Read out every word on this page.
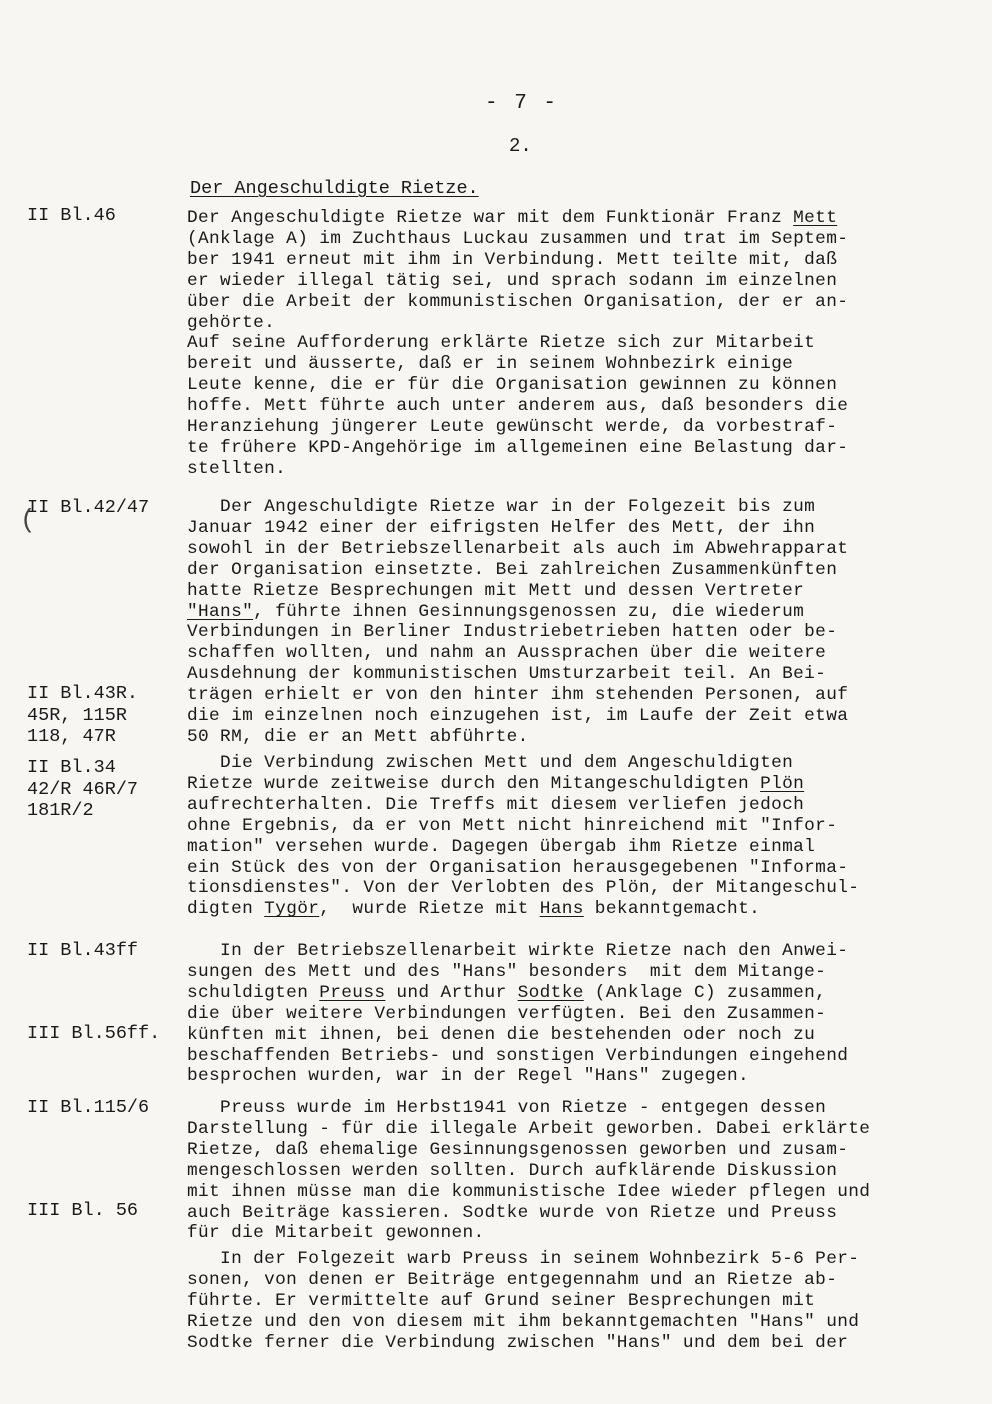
- 7 -
2.
Der Angeschuldigte Rietze.
II Bl.46
(
II Bl.42/47
II Bl.43R.
45R, 115R
118, 47R
II Bl.34
42/R 46R/7
181R/2
II Bl.43ff
III Bl.56ff.
II Bl.115/6
III Bl. 56
Der Angeschuldigte Rietze war mit dem Funktionär Franz Mett
(Anklage A) im Zuchthaus Luckau zusammen und trat im Septem-
ber 1941 erneut mit ihm in Verbindung. Mett teilte mit, daß
er wieder illegal tätig sei, und sprach sodann im einzelnen
über die Arbeit der kommunistischen Organisation, der er an-
gehörte.
Auf seine Aufforderung erklärte Rietze sich zur Mitarbeit
bereit und äusserte, daß er in seinem Wohnbezirk einige
Leute kenne, die er für die Organisation gewinnen zu können
hoffe. Mett führte auch unter anderem aus, daß besonders die
Heranziehung jüngerer Leute gewünscht werde, da vorbestraf-
te frühere KPD-Angehörige im allgemeinen eine Belastung dar-
stellten.
Der Angeschuldigte Rietze war in der Folgezeit bis zum
Januar 1942 einer der eifrigsten Helfer des Mett, der ihn
sowohl in der Betriebszellenarbeit als auch im Abwehrapparat
der Organisation einsetzte. Bei zahlreichen Zusammenkünften
hatte Rietze Besprechungen mit Mett und dessen Vertreter
"Hans", führte ihnen Gesinnungsgenossen zu, die wiederum
Verbindungen in Berliner Industriebetrieben hatten oder be-
schaffen wollten, und nahm an Aussprachen über die weitere
Ausdehnung der kommunistischen Umsturzarbeit teil. An Bei-
trägen erhielt er von den hinter ihm stehenden Personen, auf
die im einzelnen noch einzugehen ist, im Laufe der Zeit etwa
50 RM, die er an Mett abführte.
Die Verbindung zwischen Mett und dem Angeschuldigten
Rietze wurde zeitweise durch den Mitangeschuldigten Plön
aufrechterhalten. Die Treffs mit diesem verliefen jedoch
ohne Ergebnis, da er von Mett nicht hinreichend mit "Infor-
mation" versehen wurde. Dagegen übergab ihm Rietze einmal
ein Stück des von der Organisation herausgegebenen "Informa-
tionsdienstes". Von der Verlobten des Plön, der Mitangeschul-
digten Tygör,  wurde Rietze mit Hans bekanntgemacht.
In der Betriebszellenarbeit wirkte Rietze nach den Anwei-
sungen des Mett und des "Hans" besonders  mit dem Mitange-
schuldigten Preuss und Arthur Sodtke (Anklage C) zusammen,
die über weitere Verbindungen verfügten. Bei den Zusammen-
künften mit ihnen, bei denen die bestehenden oder noch zu
beschaffenden Betriebs- und sonstigen Verbindungen eingehend
besprochen wurden, war in der Regel "Hans" zugegen.
Preuss wurde im Herbst1941 von Rietze - entgegen dessen
Darstellung - für die illegale Arbeit geworben. Dabei erklärte
Rietze, daß ehemalige Gesinnungsgenossen geworben und zusam-
mengeschlossen werden sollten. Durch aufklärende Diskussion
mit ihnen müsse man die kommunistische Idee wieder pflegen und
auch Beiträge kassieren. Sodtke wurde von Rietze und Preuss
für die Mitarbeit gewonnen.
In der Folgezeit warb Preuss in seinem Wohnbezirk 5-6 Per-
sonen, von denen er Beiträge entgegennahm und an Rietze ab-
führte. Er vermittelte auf Grund seiner Besprechungen mit
Rietze und den von diesem mit ihm bekanntgemachten "Hans" und
Sodtke ferner die Verbindung zwischen "Hans" und dem bei der
